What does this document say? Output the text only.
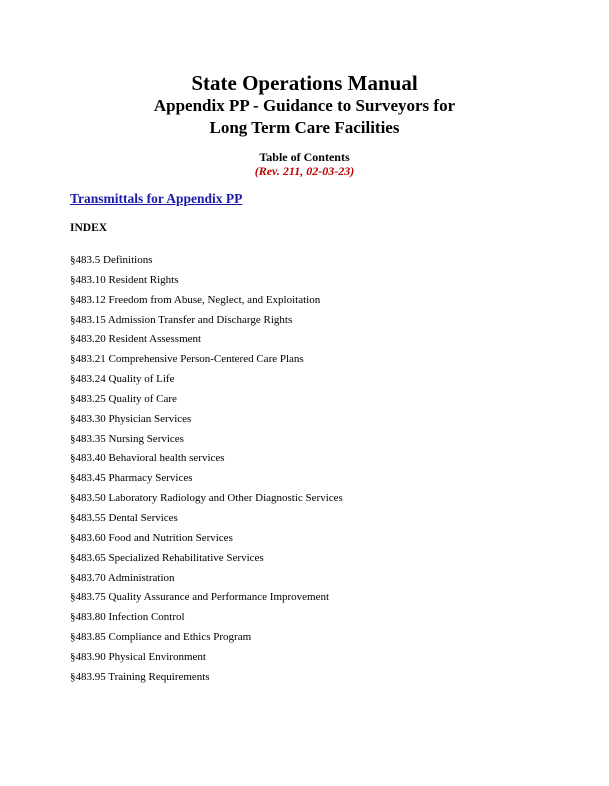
State Operations Manual
Appendix PP - Guidance to Surveyors for
Long Term Care Facilities
Table of Contents
(Rev. 211, 02-03-23)
Transmittals for Appendix PP
INDEX
§483.5 Definitions
§483.10 Resident Rights
§483.12 Freedom from Abuse, Neglect, and Exploitation
§483.15 Admission Transfer and Discharge Rights
§483.20 Resident Assessment
§483.21 Comprehensive Person-Centered Care Plans
§483.24 Quality of Life
§483.25 Quality of Care
§483.30 Physician Services
§483.35 Nursing Services
§483.40 Behavioral health services
§483.45 Pharmacy Services
§483.50 Laboratory Radiology and Other Diagnostic Services
§483.55 Dental Services
§483.60 Food and Nutrition Services
§483.65 Specialized Rehabilitative Services
§483.70 Administration
§483.75 Quality Assurance and Performance Improvement
§483.80 Infection Control
§483.85 Compliance and Ethics Program
§483.90 Physical Environment
§483.95 Training Requirements
